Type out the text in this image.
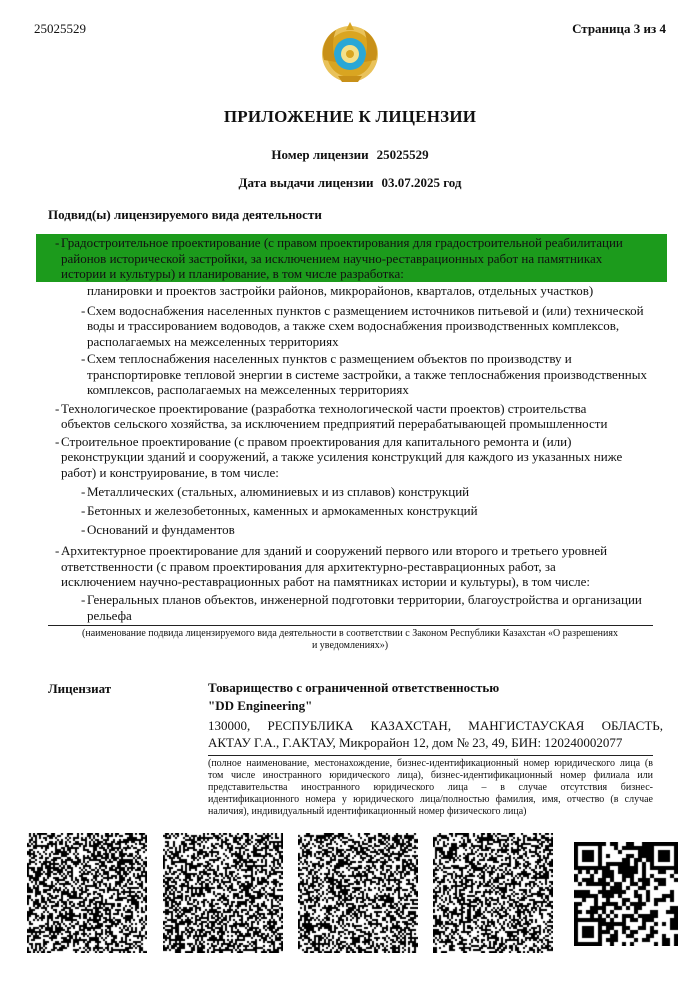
25025529	Страница 3 из 4
ПРИЛОЖЕНИЕ К ЛИЦЕНЗИИ
Номер лицензии 25025529
Дата выдачи лицензии 03.07.2025 год
Подвид(ы) лицензируемого вида деятельности
- Градостроительное проектирование (с правом проектирования для градостроительной реабилитации
районов исторической застройки, за исключением научно-реставрационных работ на памятниках
истории и культуры) и планирование, в том числе разработка:
планировки и проектов застройки районов, микрорайонов, кварталов, отдельных участков)
- Схем водоснабжения населенных пунктов с размещением источников питьевой и (или) технической
воды и трассированием водоводов, а также схем водоснабжения производственных комплексов,
располагаемых на межселенных территориях
- Схем теплоснабжения населенных пунктов с размещением объектов по производству и
транспортировке тепловой энергии в системе застройки, а также теплоснабжения производственных
комплексов, располагаемых на межселенных территориях
- Технологическое проектирование (разработка технологической части проектов) строительства
объектов сельского хозяйства, за исключением предприятий перерабатывающей промышленности
- Строительное проектирование (с правом проектирования для капитального ремонта и (или)
реконструкции зданий и сооружений, а также усиления конструкций для каждого из указанных ниже
работ) и конструирование, в том числе:
- Металлических (стальных, алюминиевых и из сплавов) конструкций
- Бетонных и железобетонных, каменных и армокаменных конструкций
- Оснований и фундаментов
- Архитектурное проектирование для зданий и сооружений первого или второго и третьего уровней
ответственности (с правом проектирования для архитектурно-реставрационных работ, за
исключением научно-реставрационных работ на памятниках истории и культуры), в том числе:
- Генеральных планов объектов, инженерной подготовки территории, благоустройства и организации
рельефа
(наименование подвида лицензируемого вида деятельности в соответствии с Законом Республики Казахстан «О разрешениях
и уведомлениях»)
Лицензиат	Товарищество с ограниченной ответственностью
"DD Engineering"
130000, РЕСПУБЛИКА КАЗАХСТАН, МАНГИСТАУСКАЯ ОБЛАСТЬ,
АКТАУ Г.А., Г.АКТАУ, Микрорайон 12, дом № 23, 49, БИН: 120240002077
(полное наименование, местонахождение, бизнес-идентификационный номер юридического лица (в том числе иностранного юридического лица), бизнес-идентификационный номер филиала или представительства иностранного юридического лица – в случае отсутствия бизнес-идентификационного номера у юридического лица/полностью фамилия, имя, отчество (в случае наличия), индивидуальный идентификационный номер физического лица)
